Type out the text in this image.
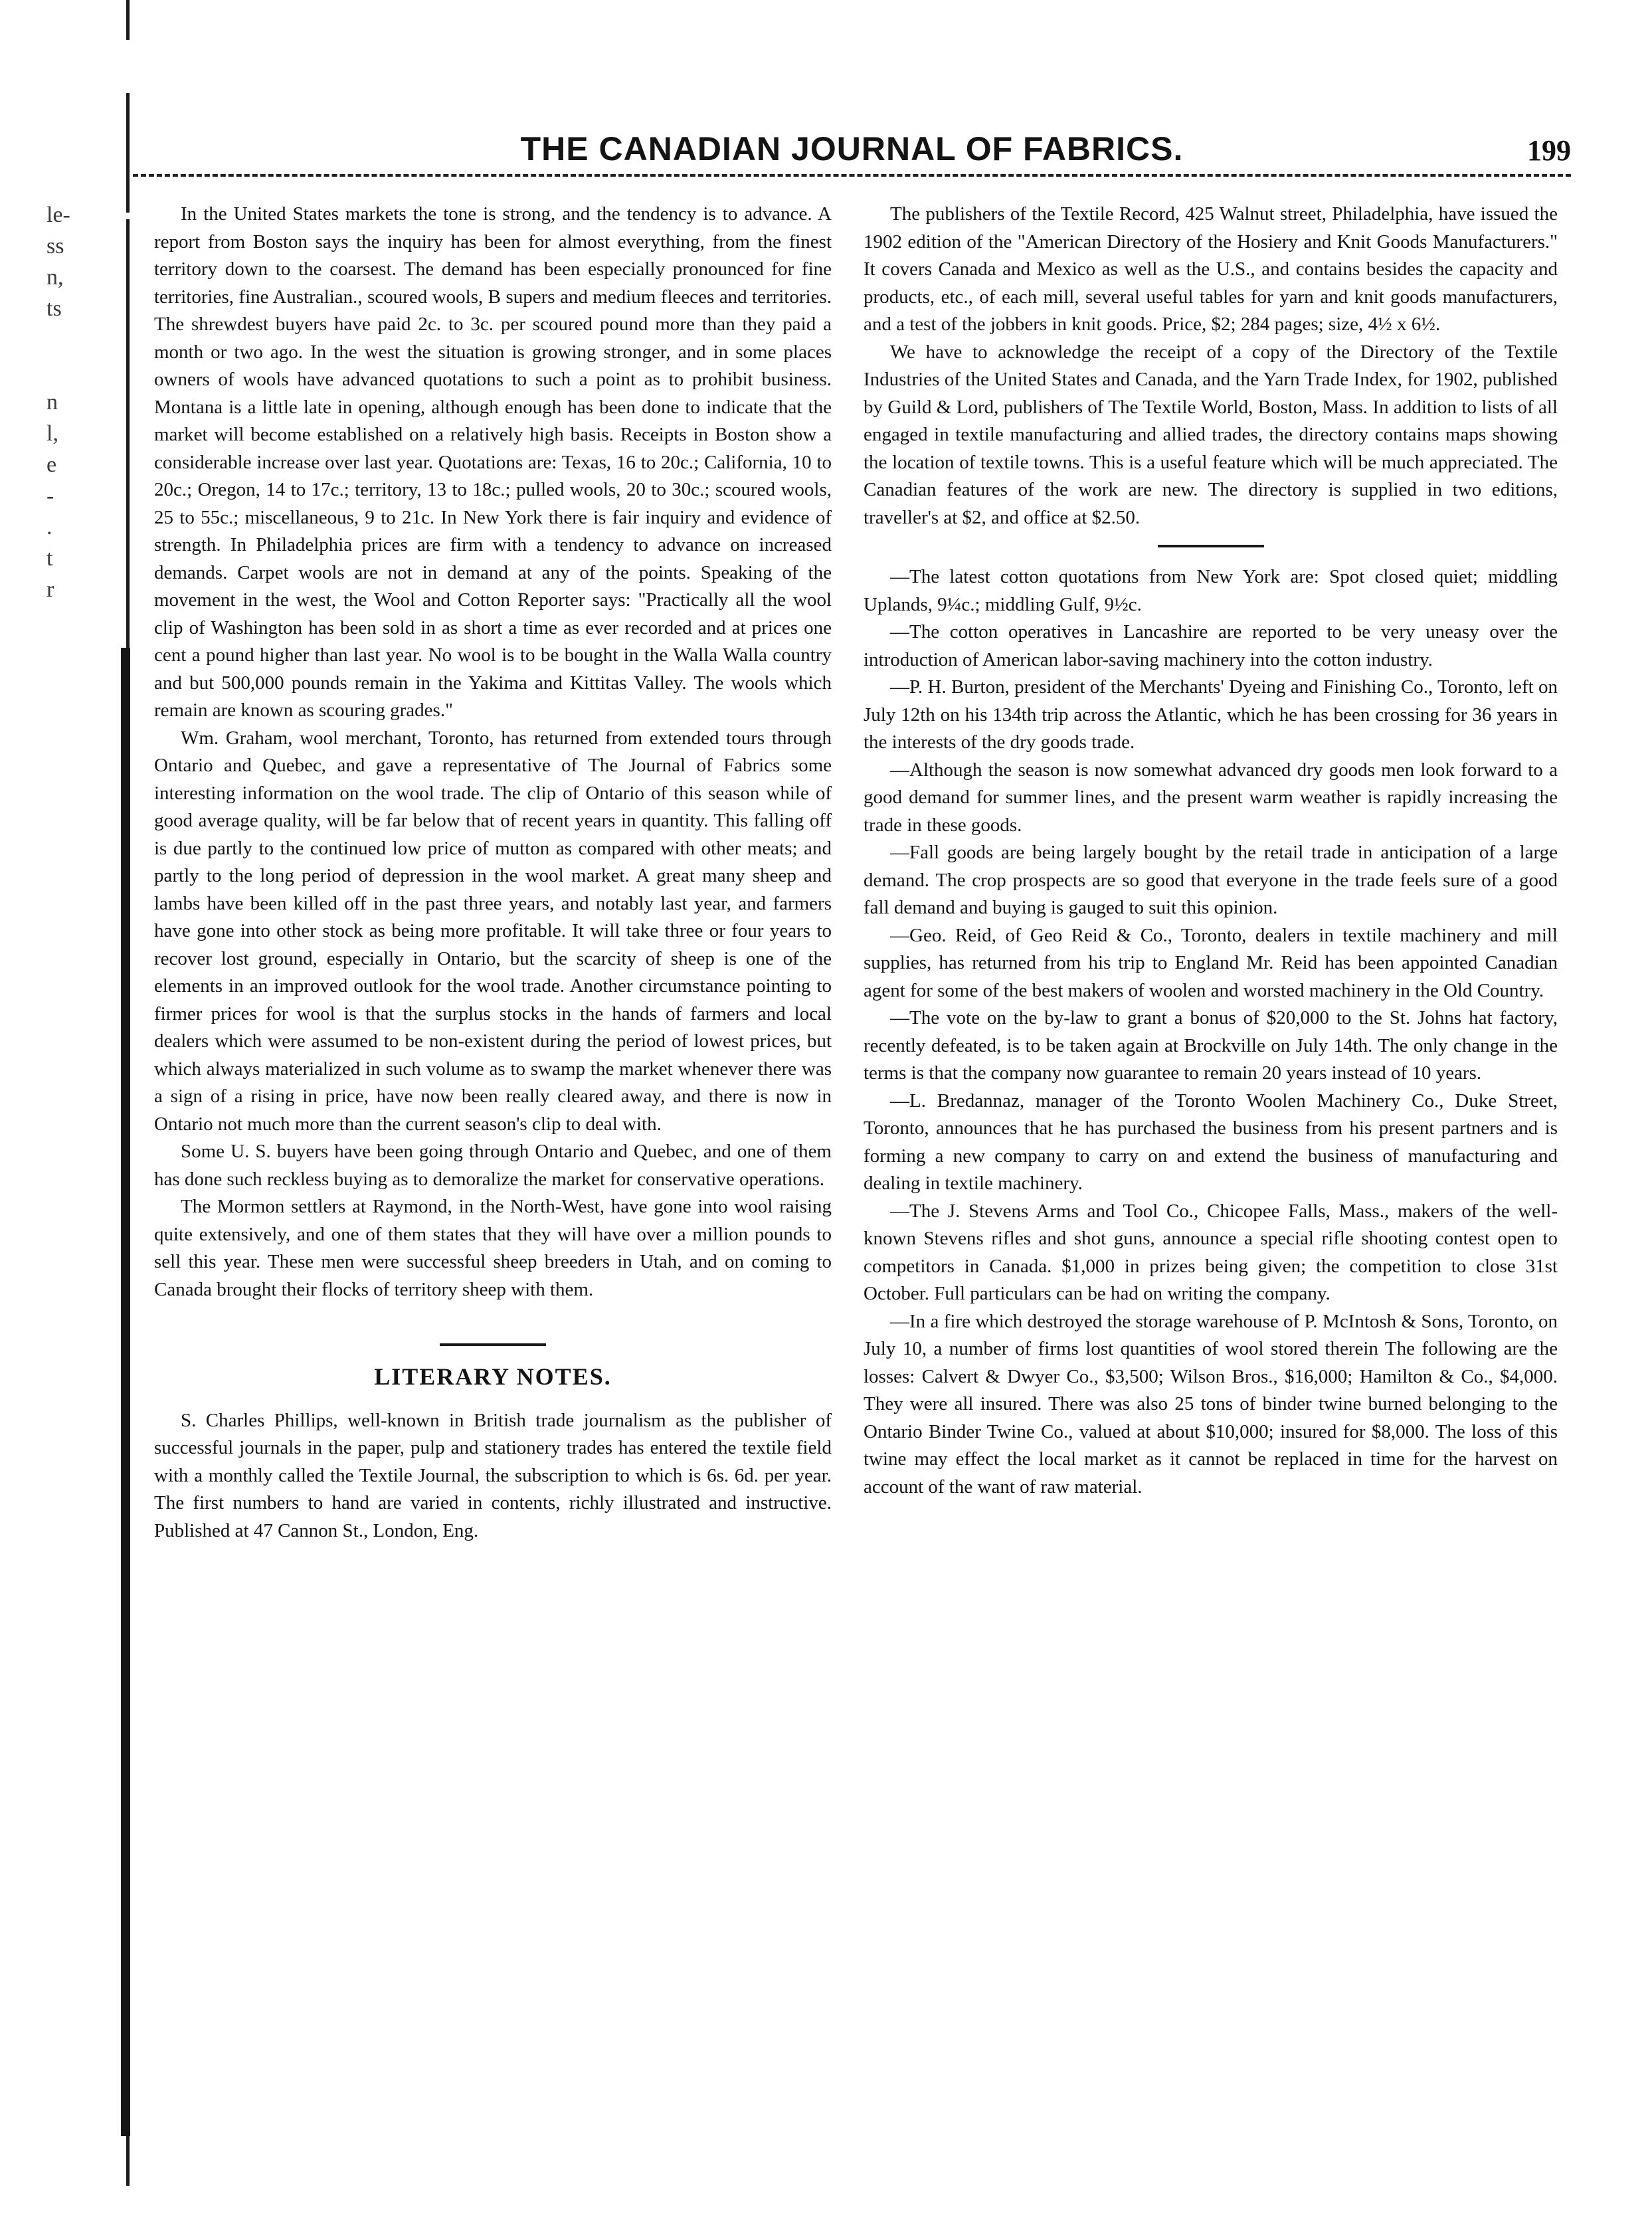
le-
ss
n,
ts
n
l,
e
-
.
t
r
THE CANADIAN JOURNAL OF FABRICS.	199

In the United States markets the tone is strong, and the tendency is to advance. A report from Boston says the inquiry has been for almost everything, from the finest territory down to the coarsest. The demand has been especially pronounced for fine territories, fine Australian., scoured wools, B supers and medium fleeces and territories. The shrewdest buyers have paid 2c. to 3c. per scoured pound more than they paid a month or two ago. In the west the situation is growing stronger, and in some places owners of wools have advanced quotations to such a point as to prohibit business. Montana is a little late in opening, although enough has been done to indicate that the market will become established on a relatively high basis. Receipts in Boston show a considerable increase over last year. Quotations are: Texas, 16 to 20c.; California, 10 to 20c.; Oregon, 14 to 17c.; territory, 13 to 18c.; pulled wools, 20 to 30c.; scoured wools, 25 to 55c.; miscellaneous, 9 to 21c. In New York there is fair inquiry and evidence of strength. In Philadelphia prices are firm with a tendency to advance on increased demands. Carpet wools are not in demand at any of the points. Speaking of the movement in the west, the Wool and Cotton Reporter says: "Practically all the wool clip of Washington has been sold in as short a time as ever recorded and at prices one cent a pound higher than last year. No wool is to be bought in the Walla Walla country and but 500,000 pounds remain in the Yakima and Kittitas Valley. The wools which remain are known as scouring grades."

Wm. Graham, wool merchant, Toronto, has returned from extended tours through Ontario and Quebec, and gave a representative of The Journal of Fabrics some interesting information on the wool trade. The clip of Ontario of this season while of good average quality, will be far below that of recent years in quantity. This falling off is due partly to the continued low price of mutton as compared with other meats; and partly to the long period of depression in the wool market. A great many sheep and lambs have been killed off in the past three years, and notably last year, and farmers have gone into other stock as being more profitable. It will take three or four years to recover lost ground, especially in Ontario, but the scarcity of sheep is one of the elements in an improved outlook for the wool trade. Another circumstance pointing to firmer prices for wool is that the surplus stocks in the hands of farmers and local dealers which were assumed to be non-existent during the period of lowest prices, but which always materialized in such volume as to swamp the market whenever there was a sign of a rising in price, have now been really cleared away, and there is now in Ontario not much more than the current season's clip to deal with.

Some U. S. buyers have been going through Ontario and Quebec, and one of them has done such reckless buying as to demoralize the market for conservative operations.

The Mormon settlers at Raymond, in the North-West, have gone into wool raising quite extensively, and one of them states that they will have over a million pounds to sell this year. These men were successful sheep breeders in Utah, and on coming to Canada brought their flocks of territory sheep with them.

LITERARY NOTES.

S. Charles Phillips, well-known in British trade journalism as the publisher of successful journals in the paper, pulp and stationery trades has entered the textile field with a monthly called the Textile Journal, the subscription to which is 6s. 6d. per year. The first numbers to hand are varied in contents, richly illustrated and instructive. Published at 47 Cannon St., London, Eng.

The publishers of the Textile Record, 425 Walnut street, Philadelphia, have issued the 1902 edition of the "American Directory of the Hosiery and Knit Goods Manufacturers." It covers Canada and Mexico as well as the U.S., and contains besides the capacity and products, etc., of each mill, several useful tables for yarn and knit goods manufacturers, and a test of the jobbers in knit goods. Price, $2; 284 pages; size, 4½ x 6½.

We have to acknowledge the receipt of a copy of the Directory of the Textile Industries of the United States and Canada, and the Yarn Trade Index, for 1902, published by Guild & Lord, publishers of The Textile World, Boston, Mass. In addition to lists of all engaged in textile manufacturing and allied trades, the directory contains maps showing the location of textile towns. This is a useful feature which will be much appreciated. The Canadian features of the work are new. The directory is supplied in two editions, traveller's at $2, and office at $2.50.

—The latest cotton quotations from New York are: Spot closed quiet; middling Uplands, 9¼c.; middling Gulf, 9½c.

—The cotton operatives in Lancashire are reported to be very uneasy over the introduction of American labor-saving machinery into the cotton industry.

—P. H. Burton, president of the Merchants' Dyeing and Finishing Co., Toronto, left on July 12th on his 134th trip across the Atlantic, which he has been crossing for 36 years in the interests of the dry goods trade.

—Although the season is now somewhat advanced dry goods men look forward to a good demand for summer lines, and the present warm weather is rapidly increasing the trade in these goods.

—Fall goods are being largely bought by the retail trade in anticipation of a large demand. The crop prospects are so good that everyone in the trade feels sure of a good fall demand and buying is gauged to suit this opinion.

—Geo. Reid, of Geo Reid & Co., Toronto, dealers in textile machinery and mill supplies, has returned from his trip to England Mr. Reid has been appointed Canadian agent for some of the best makers of woolen and worsted machinery in the Old Country.

—The vote on the by-law to grant a bonus of $20,000 to the St. Johns hat factory, recently defeated, is to be taken again at Brockville on July 14th. The only change in the terms is that the company now guarantee to remain 20 years instead of 10 years.

—L. Bredannaz, manager of the Toronto Woolen Machinery Co., Duke Street, Toronto, announces that he has purchased the business from his present partners and is forming a new company to carry on and extend the business of manufacturing and dealing in textile machinery.

—The J. Stevens Arms and Tool Co., Chicopee Falls, Mass., makers of the well-known Stevens rifles and shot guns, announce a special rifle shooting contest open to competitors in Canada. $1,000 in prizes being given; the competition to close 31st October. Full particulars can be had on writing the company.

—In a fire which destroyed the storage warehouse of P. McIntosh & Sons, Toronto, on July 10, a number of firms lost quantities of wool stored therein The following are the losses: Calvert & Dwyer Co., $3,500; Wilson Bros., $16,000; Hamilton & Co., $4,000. They were all insured. There was also 25 tons of binder twine burned belonging to the Ontario Binder Twine Co., valued at about $10,000; insured for $8,000. The loss of this twine may effect the local market as it cannot be replaced in time for the harvest on account of the want of raw material.
